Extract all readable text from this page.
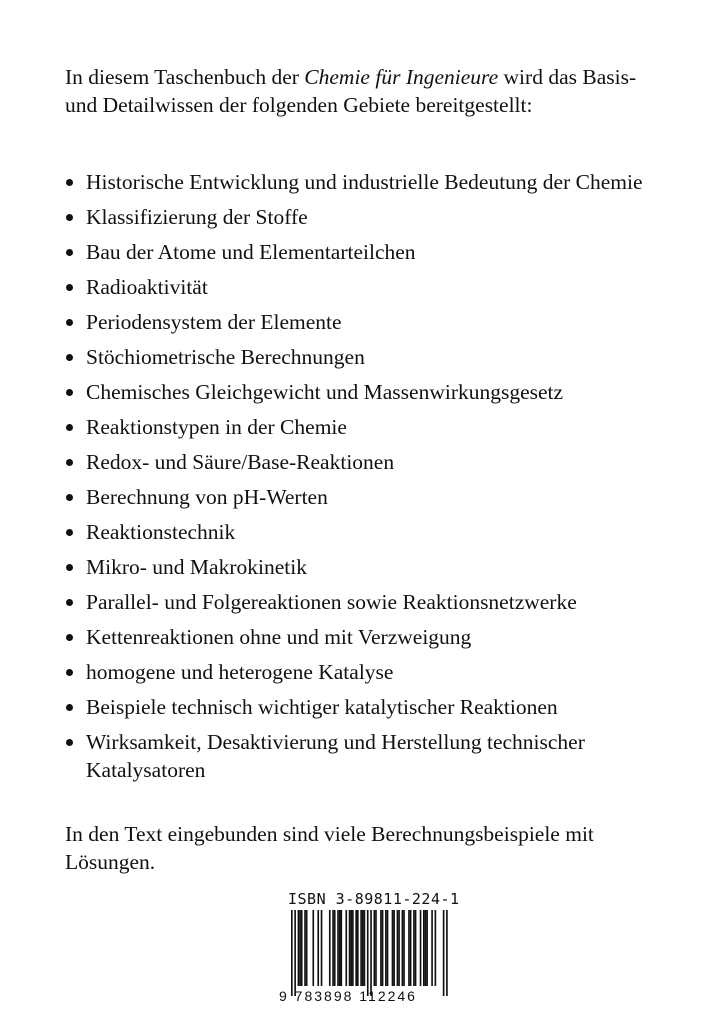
In diesem Taschenbuch der Chemie für Ingenieure wird das Basis-
und Detailwissen der folgenden Gebiete bereitgestellt:

Historische Entwicklung und industrielle Bedeutung der Chemie
Klassifizierung der Stoffe
Bau der Atome und Elementarteilchen
Radioaktivität
Periodensystem der Elemente
Stöchiometrische Berechnungen
Chemisches Gleichgewicht und Massenwirkungsgesetz
Reaktionstypen in der Chemie
Redox- und Säure/Base-Reaktionen
Berechnung von pH-Werten
Reaktionstechnik
Mikro- und Makrokinetik
Parallel- und Folgereaktionen sowie Reaktionsnetzwerke
Kettenreaktionen ohne und mit Verzweigung
homogene und heterogene Katalyse
Beispiele technisch wichtiger katalytischer Reaktionen
Wirksamkeit, Desaktivierung und Herstellung technischer
Katalysatoren

In den Text eingebunden sind viele Berechnungsbeispiele mit
Lösungen.

ISBN 3-89811-224-1
9 783898 112246
